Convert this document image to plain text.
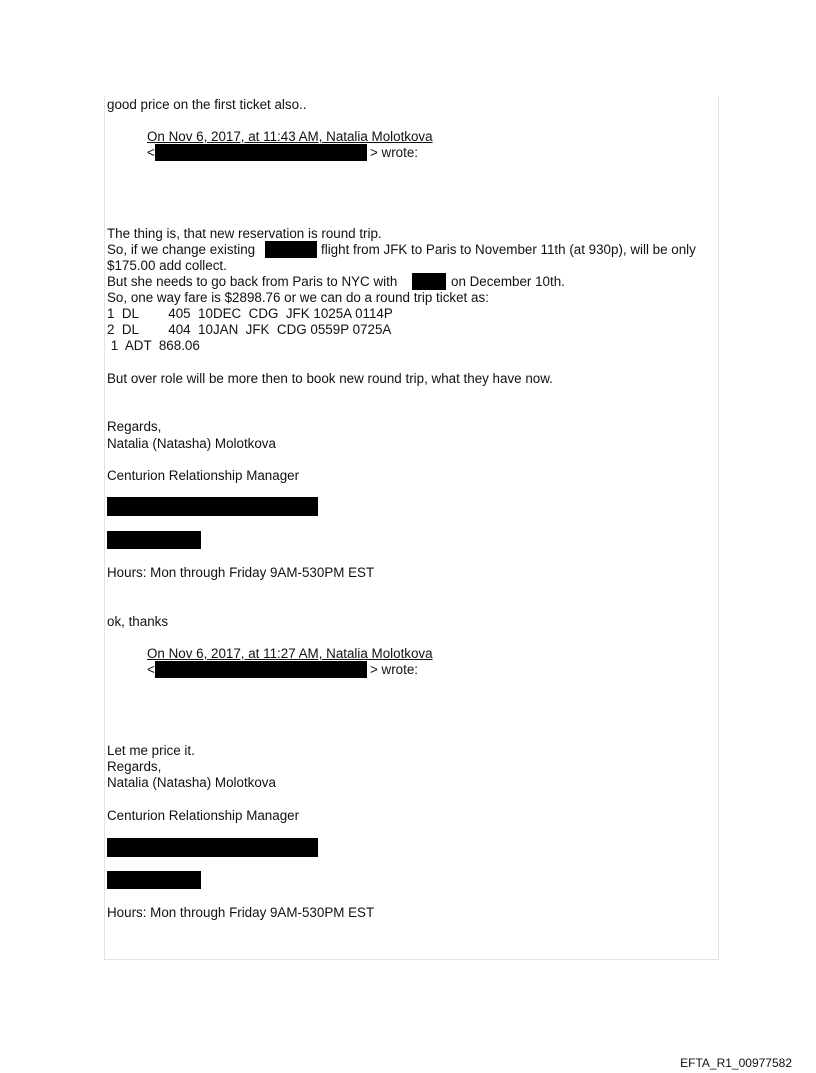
good price on the first ticket also..
On Nov 6, 2017, at 11:43 AM, Natalia Molotkova
<	> wrote:
The thing is, that new reservation is round trip.
So, if we change existing	flight from JFK to Paris to November 11th (at 930p), will be only
$175.00 add collect.
But she needs to go back from Paris to NYC with	on December 10th.
So, one way fare is $2898.76 or we can do a round trip ticket as:
1  DL        405  10DEC  CDG  JFK 1025A 0114P
2  DL        404  10JAN  JFK  CDG 0559P 0725A
1  ADT  868.06
But over role will be more then to book new round trip, what they have now.
Regards,
Natalia (Natasha) Molotkova
Centurion Relationship Manager
Hours: Mon through Friday 9AM-530PM EST
ok, thanks
On Nov 6, 2017, at 11:27 AM, Natalia Molotkova
<	> wrote:
Let me price it.
Regards,
Natalia (Natasha) Molotkova
Centurion Relationship Manager
Hours: Mon through Friday 9AM-530PM EST
EFTA_R1_00977582
